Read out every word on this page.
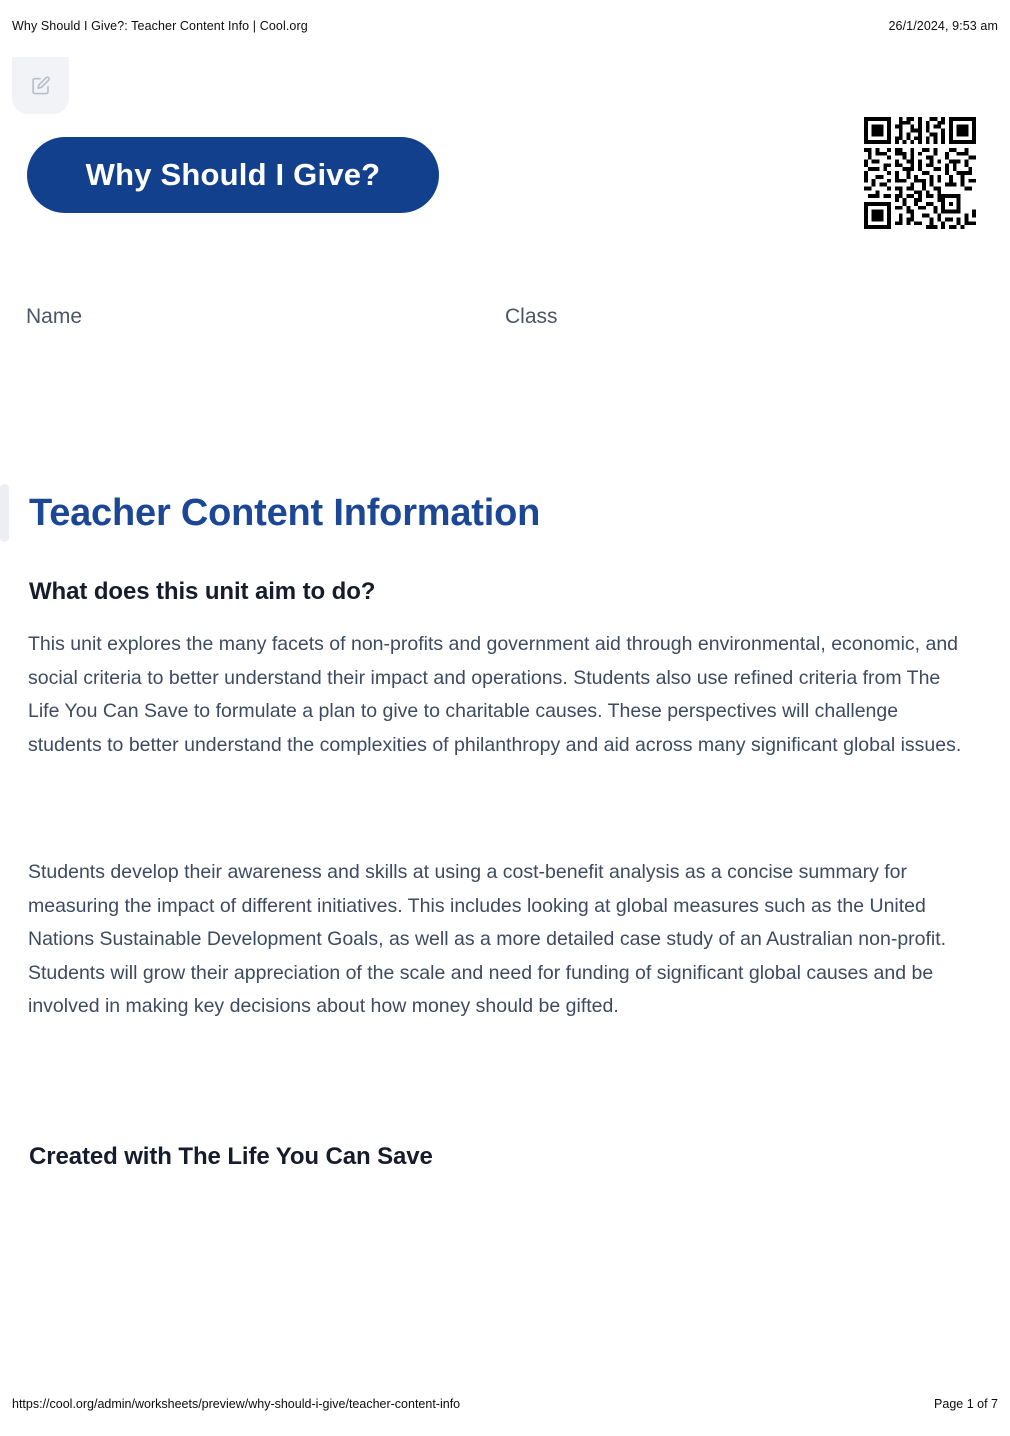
Why Should I Give?: Teacher Content Info | Cool.org	26/1/2024, 9:53 am
Why Should I Give?
Name	Class
Teacher Content Information
What does this unit aim to do?

This unit explores the many facets of non-profits and government aid through environmental, economic, and social criteria to better understand their impact and operations. Students also use refined criteria from The Life You Can Save to formulate a plan to give to charitable causes. These perspectives will challenge students to better understand the complexities of philanthropy and aid across many significant global issues.

Students develop their awareness and skills at using a cost-benefit analysis as a concise summary for measuring the impact of different initiatives. This includes looking at global measures such as the United Nations Sustainable Development Goals, as well as a more detailed case study of an Australian non-profit. Students will grow their appreciation of the scale and need for funding of significant global causes and be involved in making key decisions about how money should be gifted.

Created with The Life You Can Save
https://cool.org/admin/worksheets/preview/why-should-i-give/teacher-content-info	Page 1 of 7
